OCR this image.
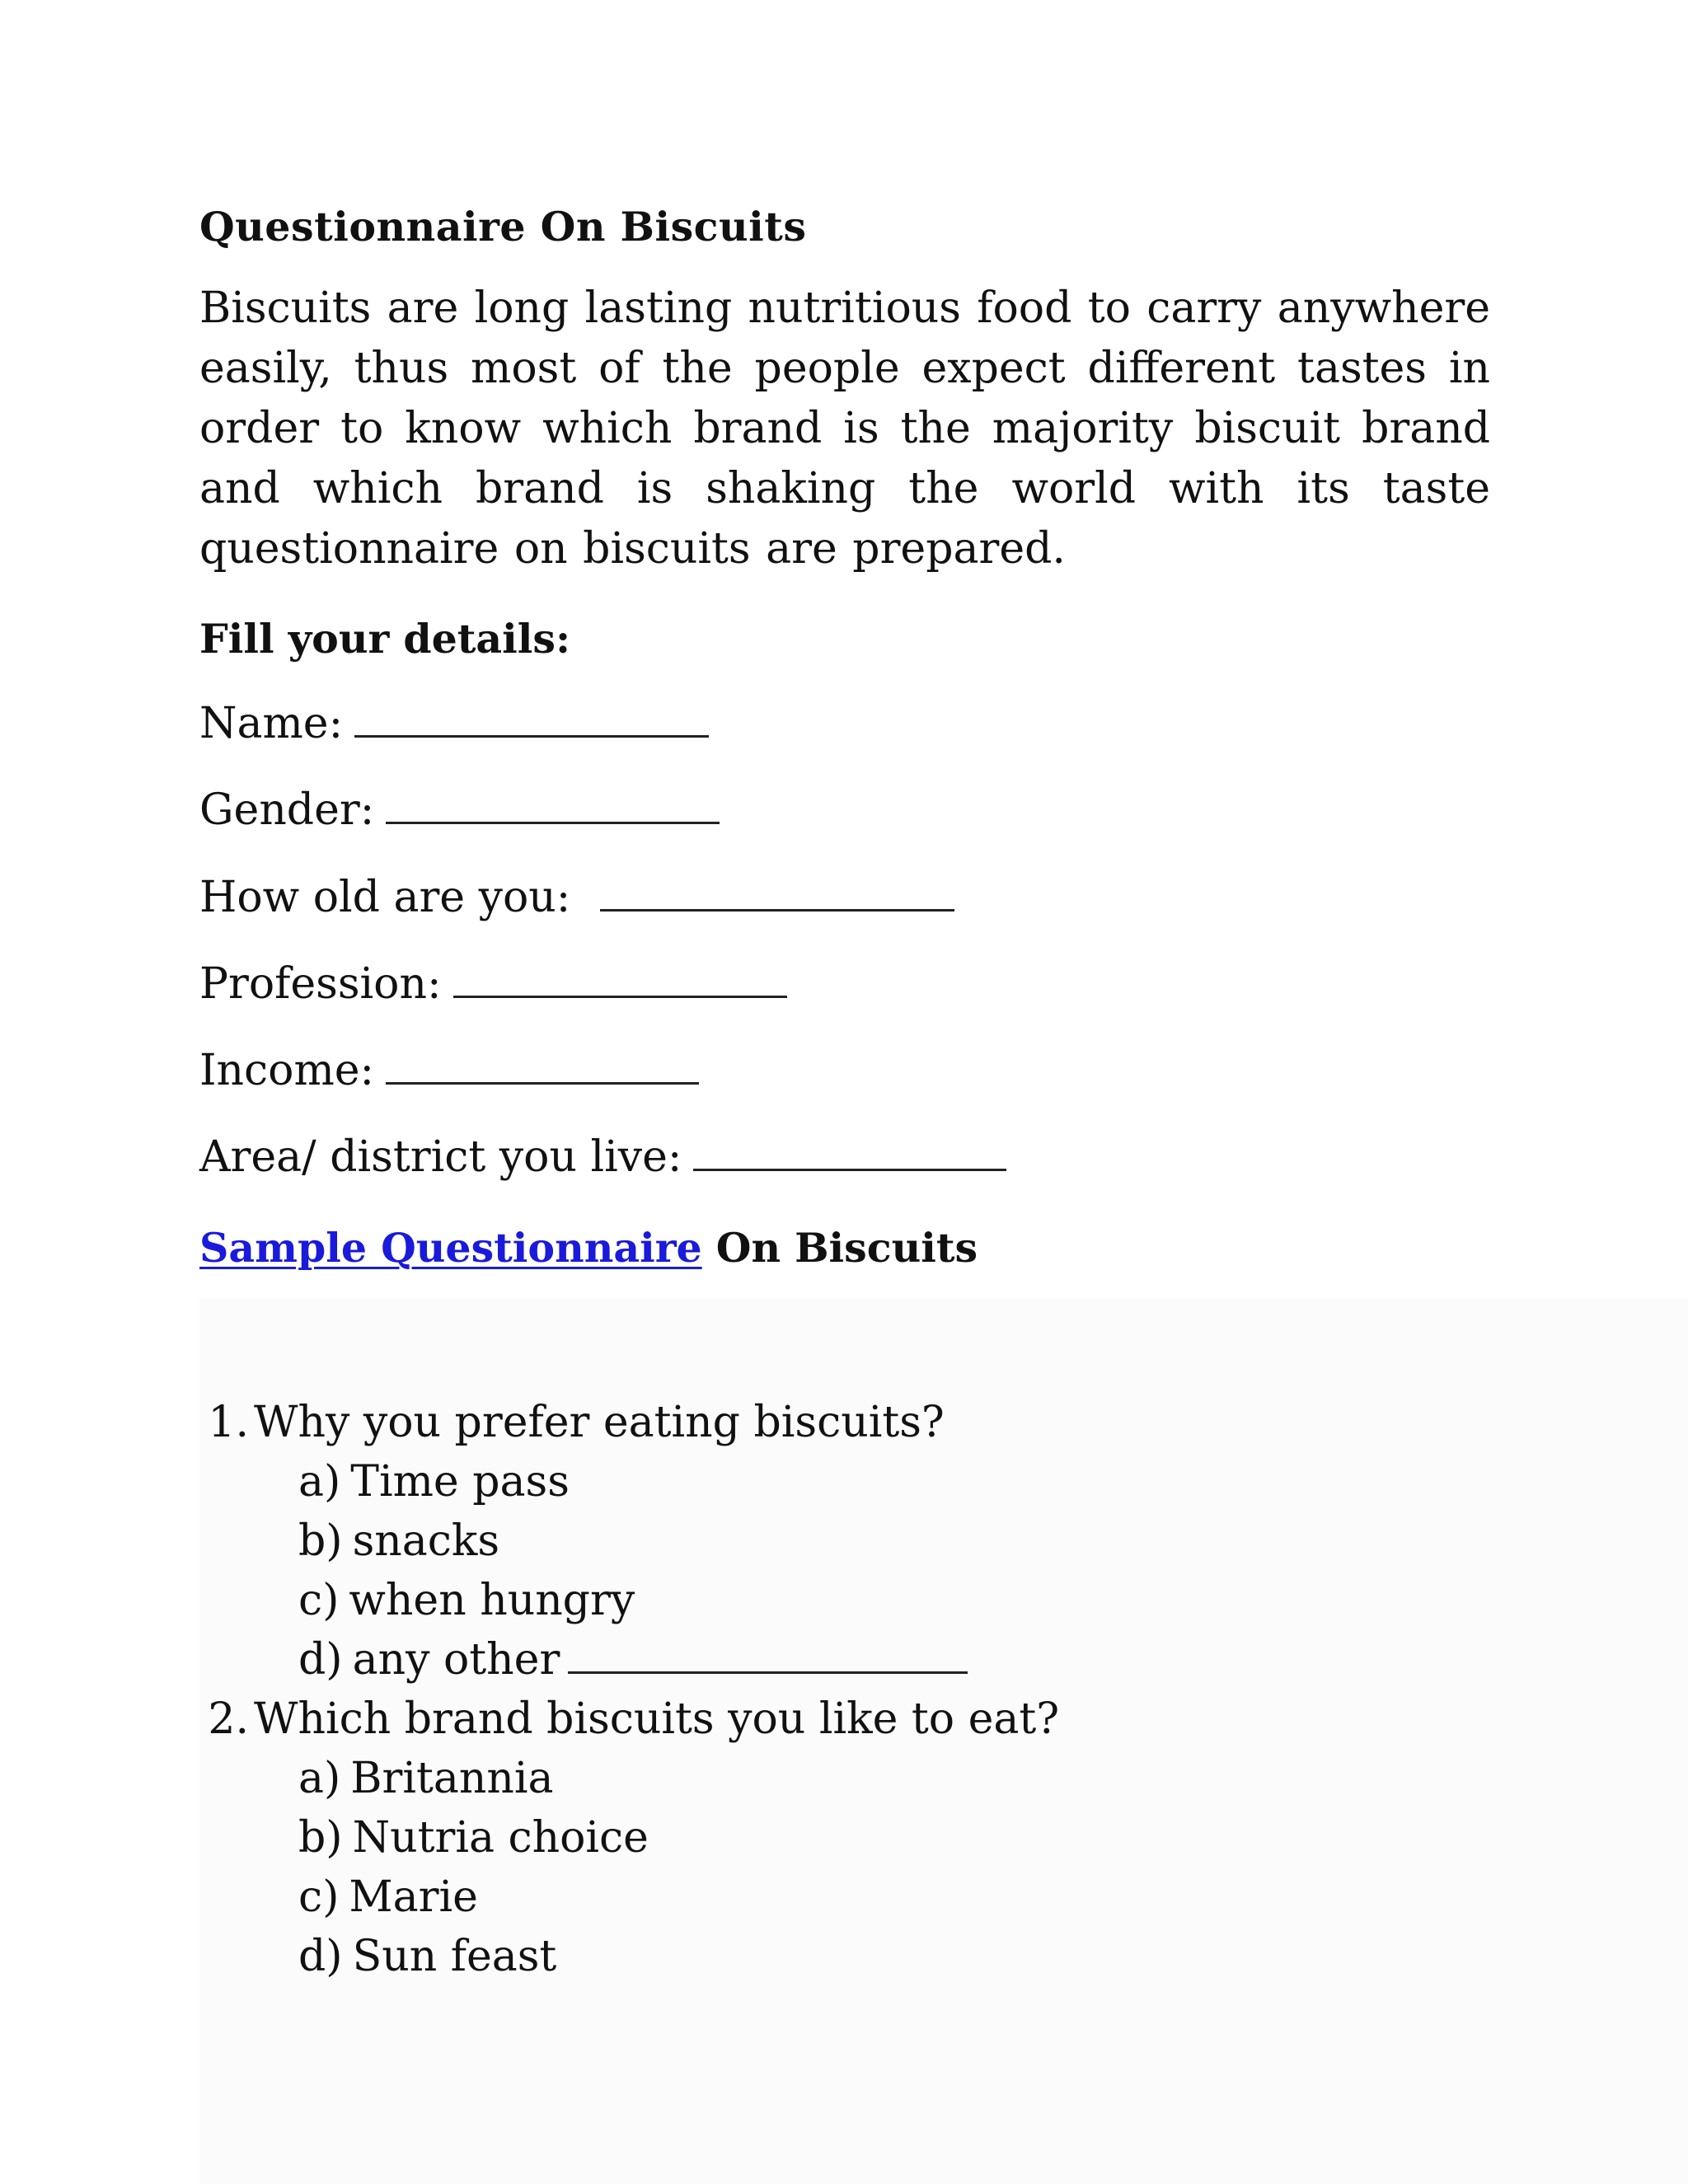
Questionnaire On Biscuits

Biscuits are long lasting nutritious food to carry anywhere easily, thus most of the people expect different tastes in order to know which brand is the majority biscuit brand and which brand is shaking the world with its taste questionnaire on biscuits are prepared.

Fill your details:
Name:
Gender:
How old are you:
Profession:
Income:
Area/ district you live:
Sample Questionnaire On Biscuits
1. Why you prefer eating biscuits?
a) Time pass
b) snacks
c) when hungry
d) any other
2. Which brand biscuits you like to eat?
a) Britannia
b) Nutria choice
c) Marie
d) Sun feast
